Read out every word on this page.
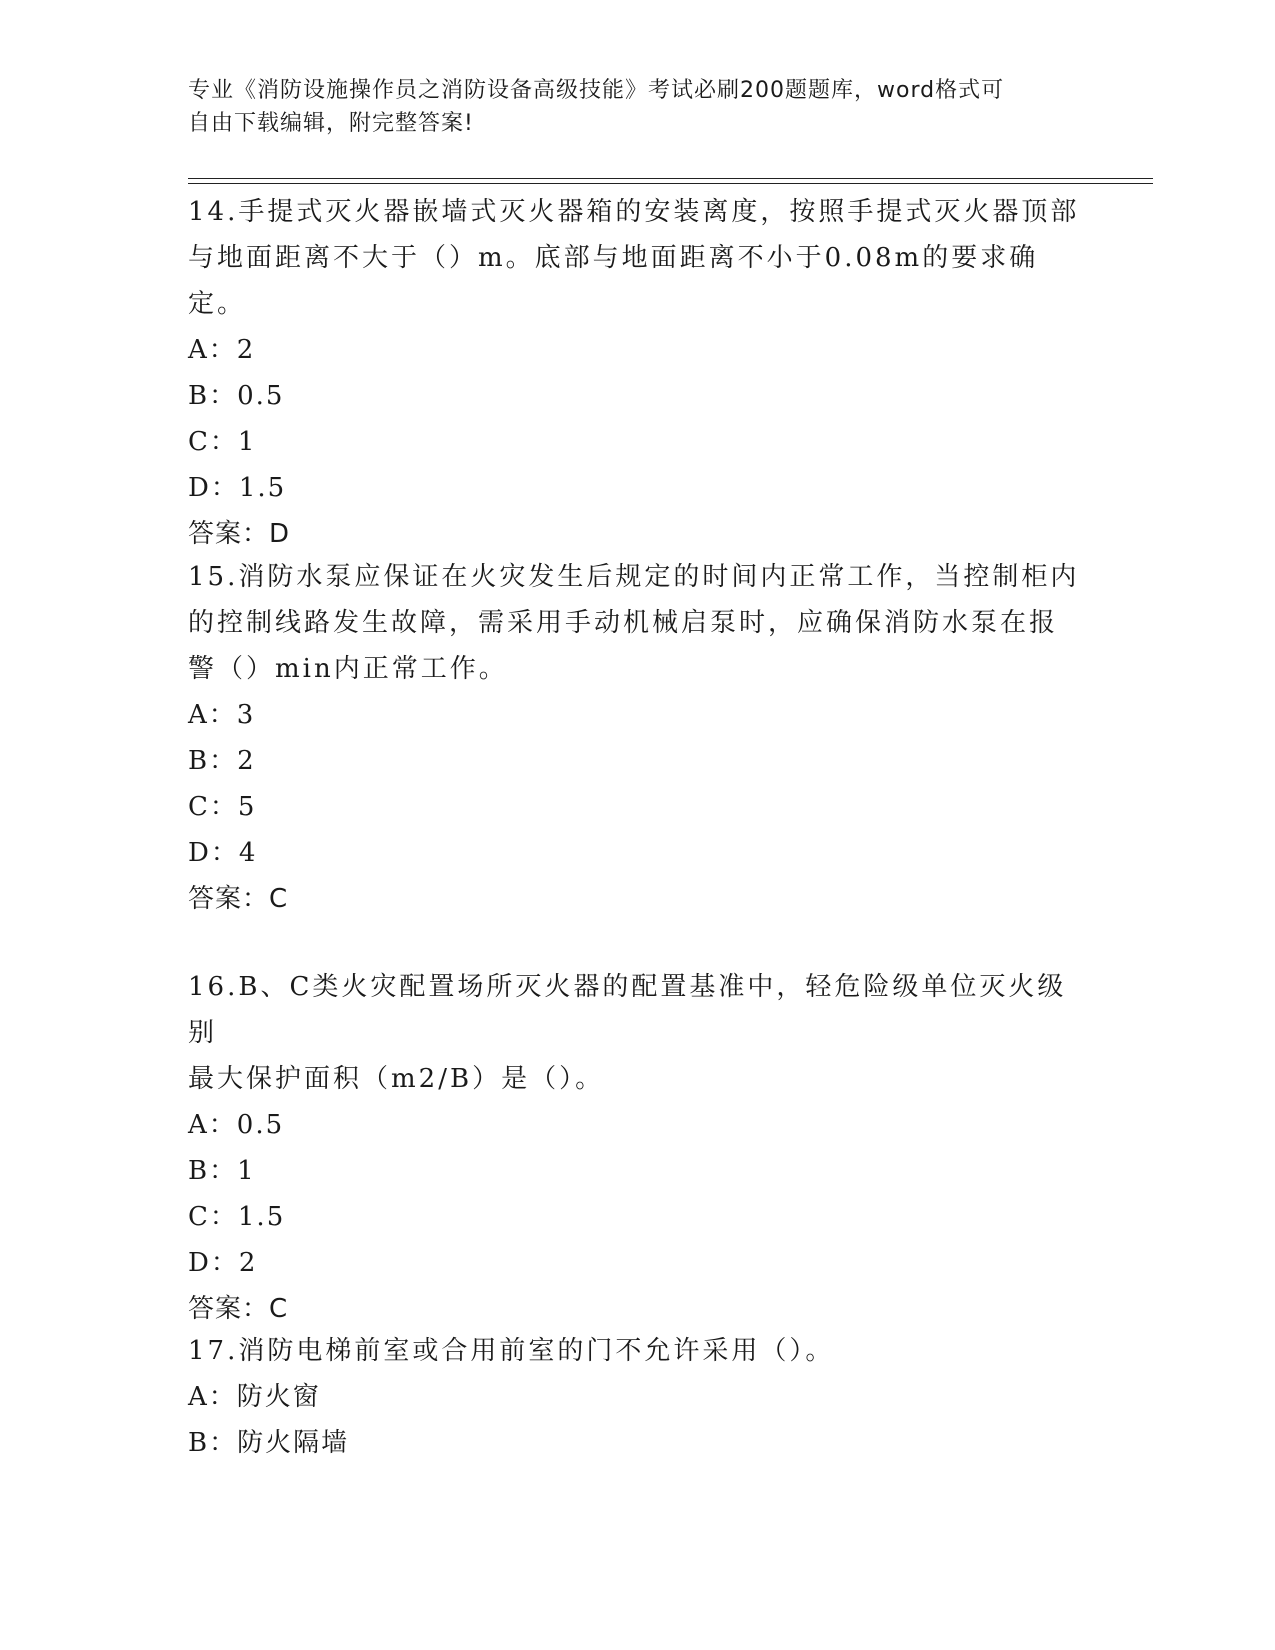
专业《消防设施操作员之消防设备高级技能》考试必刷200题题库，word格式可
自由下载编辑，附完整答案!

14.手提式灭火器嵌墙式灭火器箱的安装离度，按照手提式灭火器顶部

与地面距离不大于（）m。底部与地面距离不小于0.08m的要求确定。

A：2

B：0.5

C：1

D：1.5

答案：D

15.消防水泵应保证在火灾发生后规定的时间内正常工作，当控制柜内

的控制线路发生故障，需采用手动机械启泵时，应确保消防水泵在报

警（）min内正常工作。

A：3

B：2

C：5

D：4

答案：C

16.B、C类火灾配置场所灭火器的配置基准中，轻危险级单位灭火级别

最大保护面积（m2/B）是（）。

A：0.5

B：1

C：1.5

D：2

答案：C

17.消防电梯前室或合用前室的门不允许采用（）。

A：防火窗

B：防火隔墙
